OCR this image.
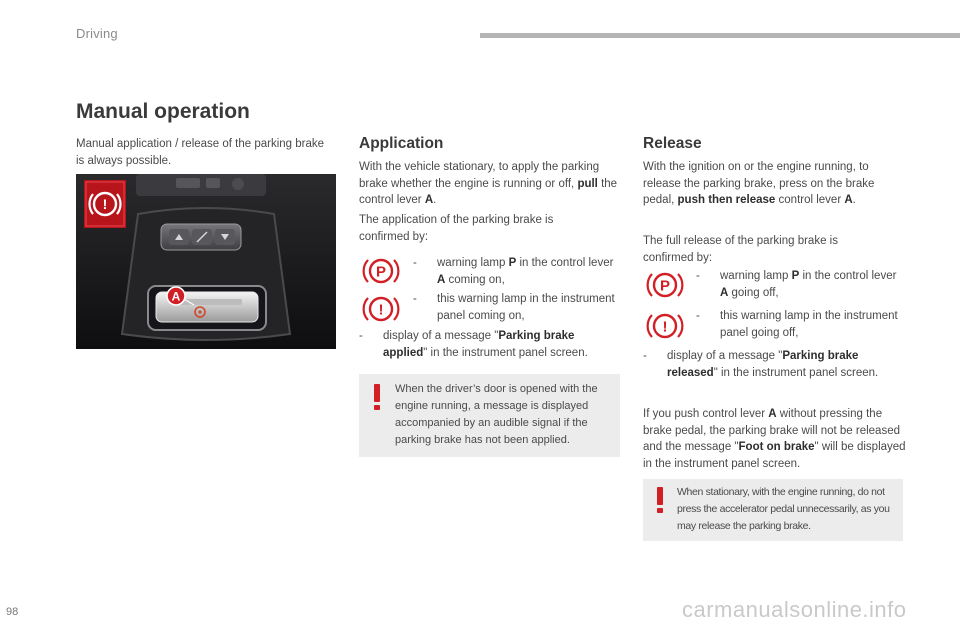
Driving
Manual operation

Manual application / release of the parking brake is always possible.

A
!
Application

With the vehicle stationary, to apply the parking brake whether the engine is running or off, pull the control lever A.

The application of the parking brake is confirmed by:

P
- warning lamp P in the control lever A coming on,
!
- this warning lamp in the instrument panel coming on,
- display of a message "Parking brake applied" in the instrument panel screen.
When the driver’s door is opened with the engine running, a message is displayed accompanied by an audible signal if the parking brake has not been applied.
Release

With the ignition on or the engine running, to release the parking brake, press on the brake pedal, push then release control lever A.

The full release of the parking brake is confirmed by:

P
- warning lamp P in the control lever A going off,
!
- this warning lamp in the instrument panel going off,
- display of a message "Parking brake released" in the instrument panel screen.

If you push control lever A without pressing the brake pedal, the parking brake will not be released and the message "Foot on brake" will be displayed in the instrument panel screen.

When stationary, with the engine running, do not press the accelerator pedal unnecessarily, as you may release the parking brake.
98	carmanualsonline.info
